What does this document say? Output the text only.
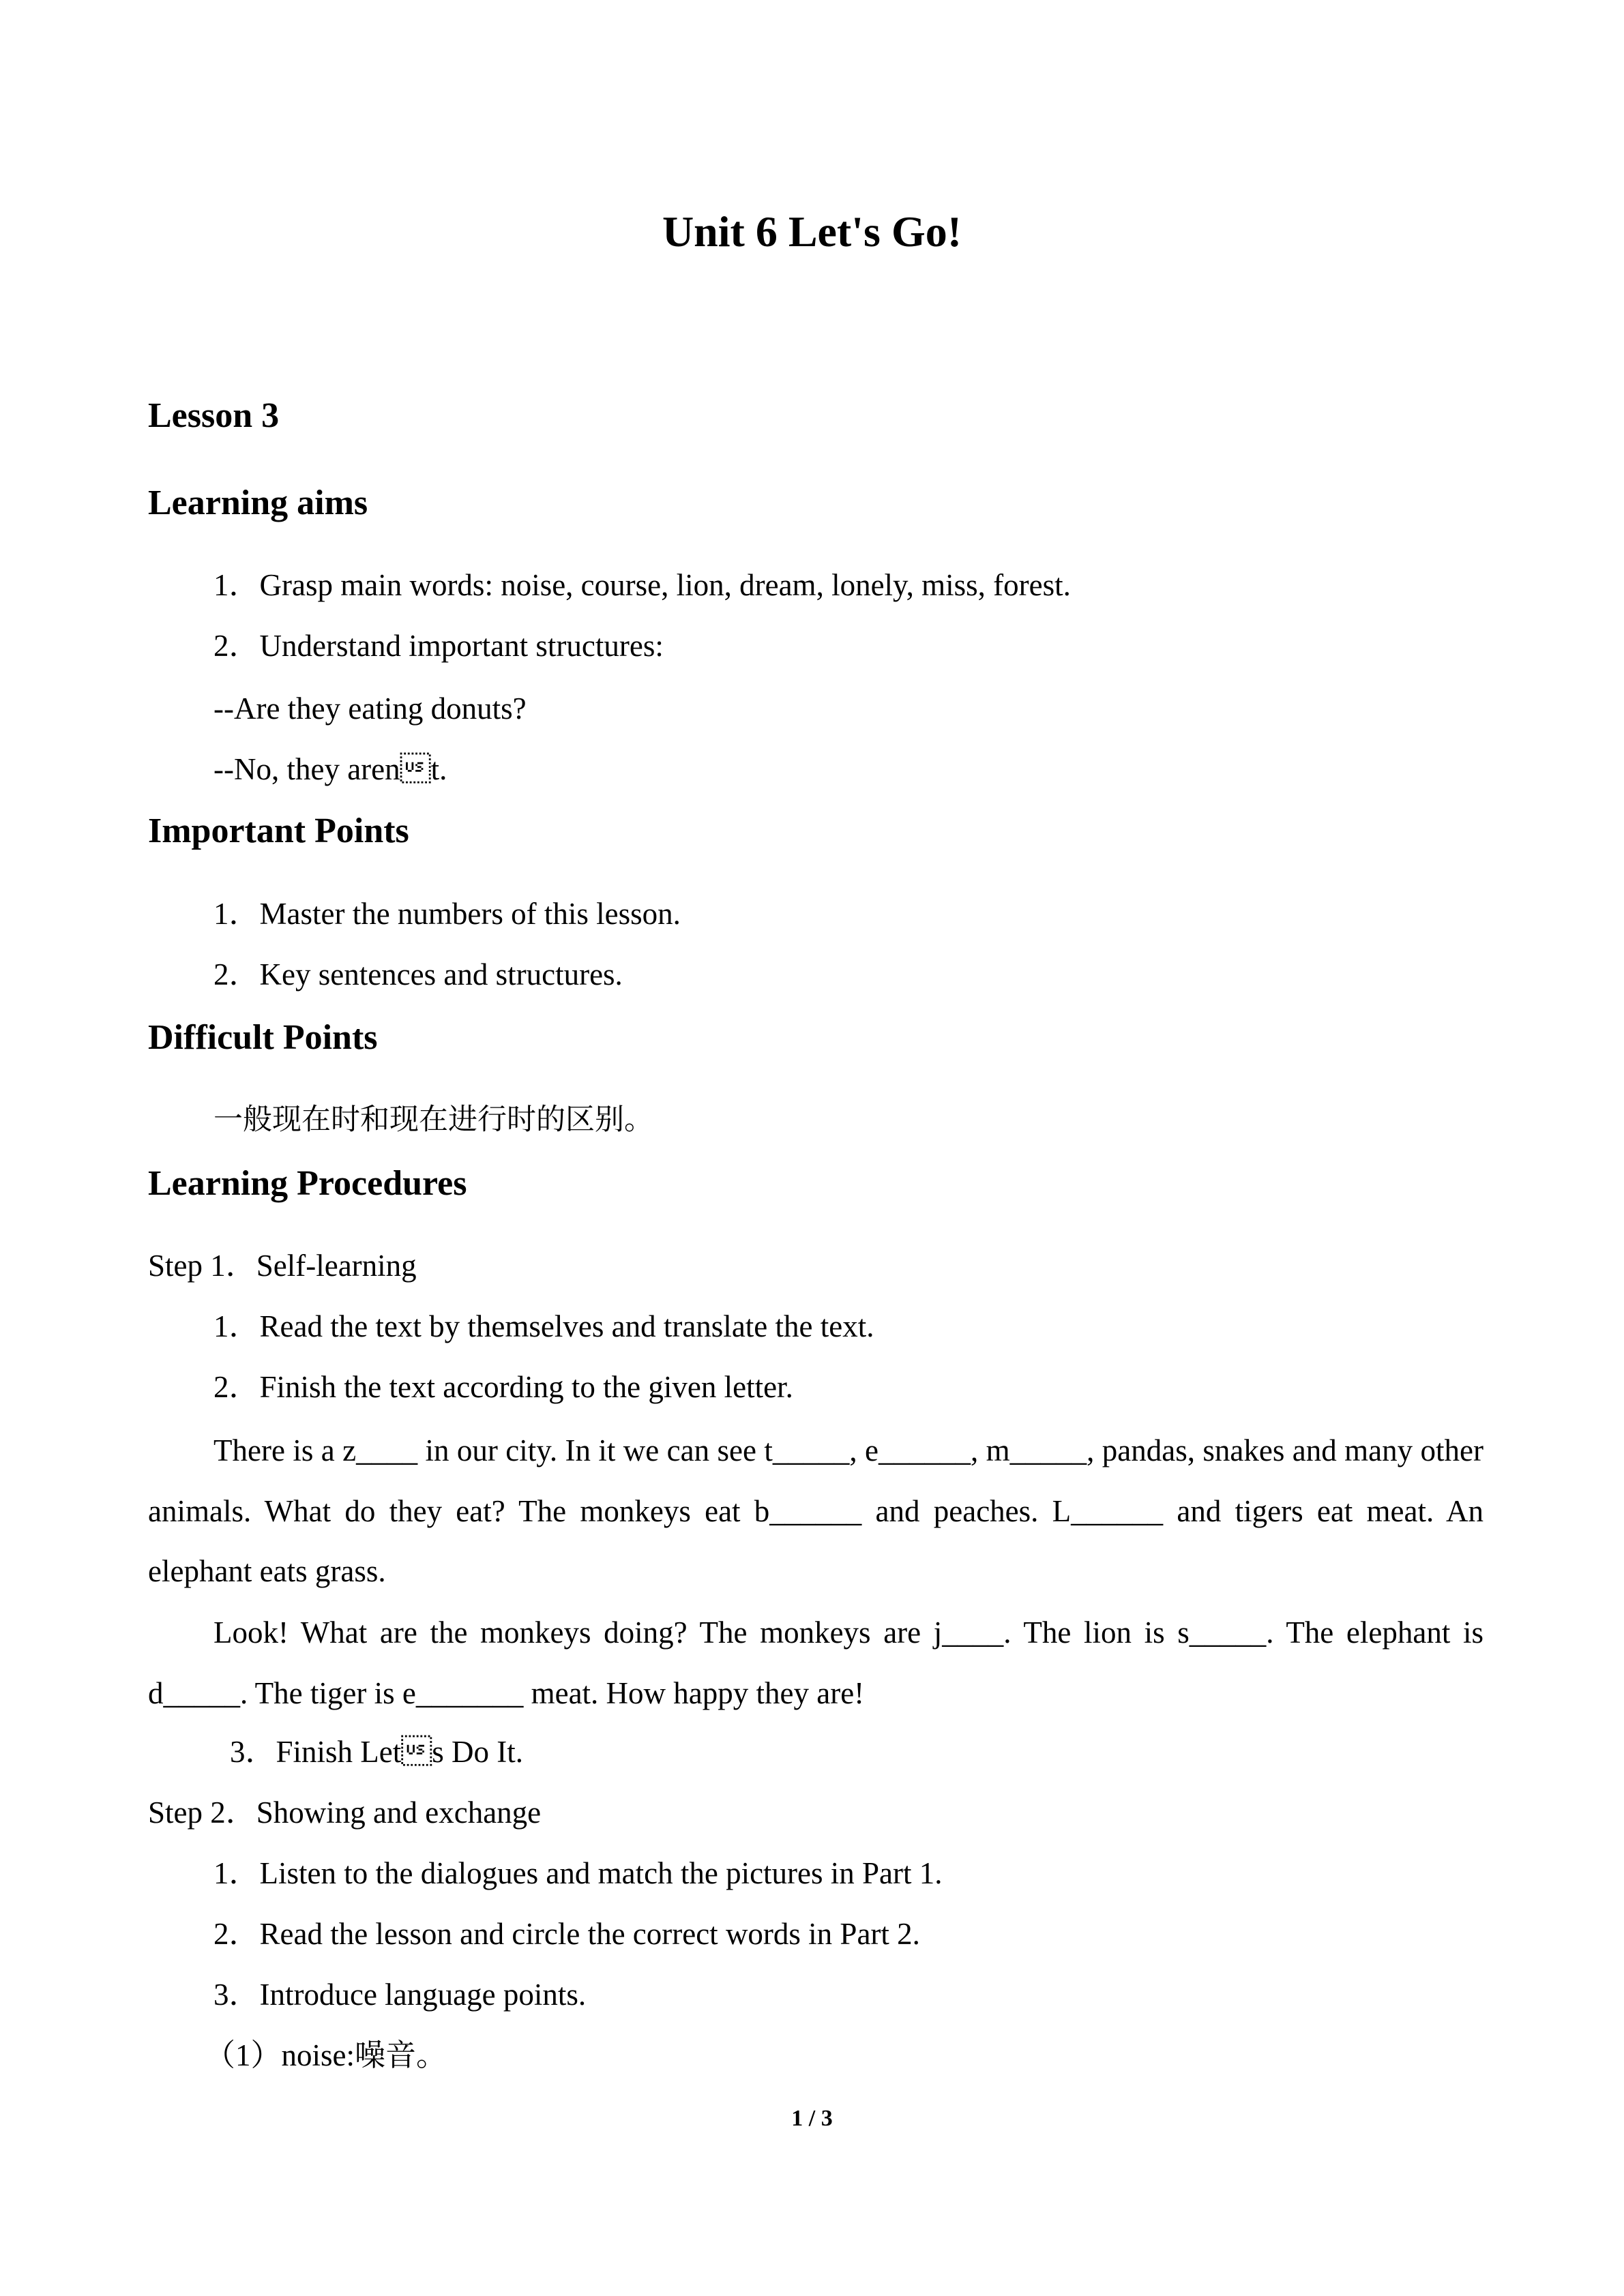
Unit 6 Let's Go!
Lesson 3
Learning aims
1．Grasp main words: noise, course, lion, dream, lonely, miss, forest.
2．Understand important structures:
--Are they eating donuts?
--No, they arent.
Important Points
1．Master the numbers of this lesson.
2．Key sentences and structures.
Difficult Points
一般现在时和现在进行时的区别。
Learning Procedures
Step 1．Self-learning
1．Read the text by themselves and translate the text.
2．Finish the text according to the given letter.
There is a z____ in our city. In it we can see t_____, e______, m_____, pandas, snakes and many other animals. What do they eat? The monkeys eat b______ and peaches. L______ and tigers eat meat. An elephant eats grass.
Look! What are the monkeys doing? The monkeys are j____. The lion is s_____. The elephant is d_____. The tiger is e_______ meat. How happy they are!
3．Finish Lets Do It.
Step 2．Showing and exchange
1．Listen to the dialogues and match the pictures in Part 1.
2．Read the lesson and circle the correct words in Part 2.
3．Introduce language points.
（1）noise:噪音。
1 / 3
